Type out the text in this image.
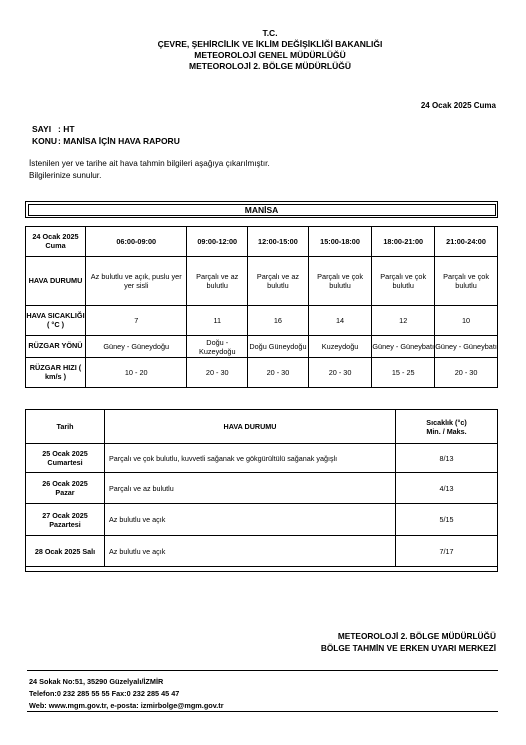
T.C.
ÇEVRE, ŞEHİRCİLİK VE İKLİM DEĞİŞİKLİĞİ BAKANLIĞI
METEOROLOJİ GENEL MÜDÜRLÜĞÜ
METEOROLOJİ 2. BÖLGE MÜDÜRLÜĞÜ
24 Ocak 2025 Cuma
SAYI : HT
KONU : MANİSA İÇİN HAVA RAPORU
İstenilen yer ve tarihe ait hava tahmin bilgileri aşağıya çıkarılmıştır.
Bilgilerinize sunulur.
MANİSA
24 Ocak 2025 Cuma	06:00-09:00	09:00-12:00	12:00-15:00	15:00-18:00	18:00-21:00	21:00-24:00
HAVA DURUMU	Az bulutlu ve açık, puslu yer yer sisli	Parçalı ve az bulutlu	Parçalı ve az bulutlu	Parçalı ve çok bulutlu	Parçalı ve çok bulutlu	Parçalı ve çok bulutlu
HAVA SICAKLIĞI ( °C )	7	11	16	14	12	10
RÜZGAR YÖNÜ	Güney - Güneydoğu	Doğu - Kuzeydoğu	Doğu Güneydoğu	Kuzeydoğu	Güney - Güneybatı	Güney - Güneybatı
RÜZGAR HIZI ( km/s )	10 - 20	20 - 30	20 - 30	20 - 30	15 - 25	20 - 30
Tarih	HAVA DURUMU	Sıcaklık (°c)
Min. / Maks.

25 Ocak 2025
Cumartesi	Parçalı ve çok bulutlu, kuvvetli sağanak ve gökgürültülü sağanak yağışlı	8/13

26 Ocak 2025
Pazar	Parçalı ve az bulutlu	4/13

27 Ocak 2025
Pazartesi	Az bulutlu ve açık	5/15

28 Ocak 2025 Salı	Az bulutlu ve açık	7/17

METEOROLOJİ 2. BÖLGE MÜDÜRLÜĞÜ
BÖLGE TAHMİN VE ERKEN UYARI MERKEZİ
24 Sokak No:51, 35290 Güzelyalı/İZMİR
Telefon:0 232 285 55 55 Fax:0 232 285 45 47
Web: www.mgm.gov.tr, e-posta: izmirbolge@mgm.gov.tr
